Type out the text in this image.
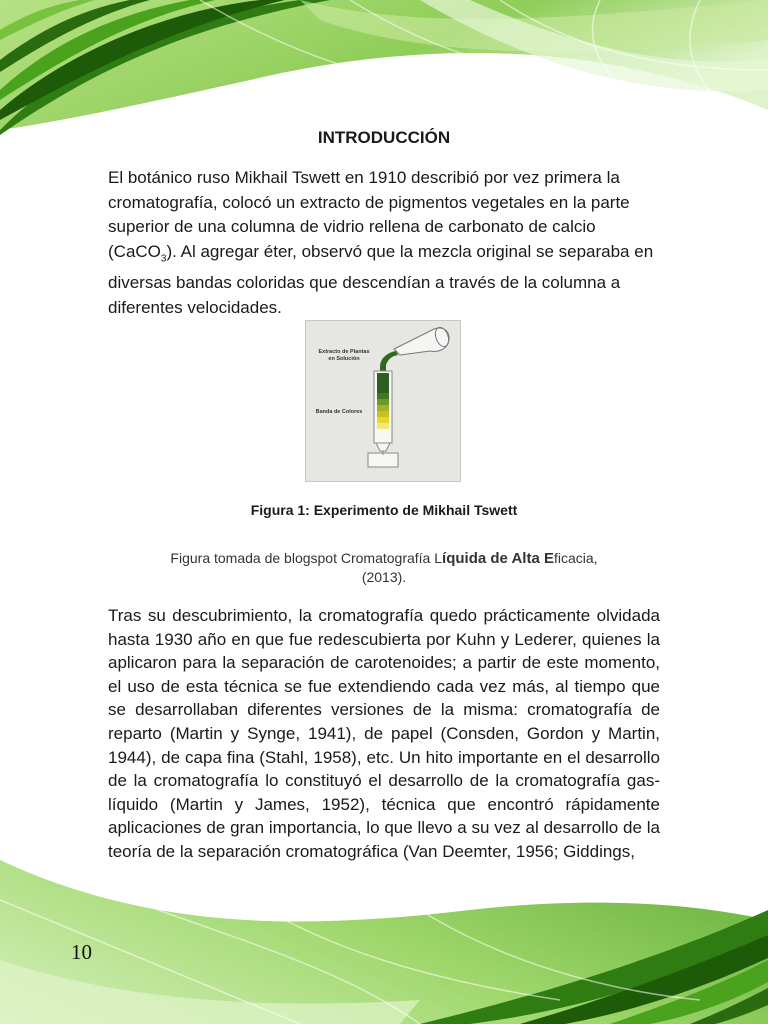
INTRODUCCIÓN

El botánico ruso Mikhail Tswett en 1910 describió por vez primera la cromatografía, colocó un extracto de pigmentos vegetales en la parte superior de una columna de vidrio rellena de carbonato de calcio (CaCO$_3$). Al agregar éter, observó que la mezcla original se separaba en diversas bandas coloridas que descendían a través de la columna a diferentes velocidades.

Extracto de Plantas en Solución
Banda de Colores
Figura 1: Experimento de Mikhail Tswett
Figura tomada de blogspot Cromatografía Líquida de Alta Eficacia,
(2013).

Tras su descubrimiento, la cromatografía quedo prácticamente olvidada hasta 1930 año en que fue redescubierta por Kuhn y Lederer, quienes la aplicaron para la separación de carotenoides; a partir de este momento, el uso de esta técnica se fue extendiendo cada vez más, al tiempo que se desarrollaban diferentes versiones de la misma: cromatografía de reparto (Martin y Synge, 1941), de papel (Consden, Gordon y Martin, 1944), de capa fina (Stahl, 1958), etc. Un hito importante en el desarrollo de la cromatografía lo constituyó el desarrollo de la cromatografía gas-líquido (Martin y James, 1952), técnica que encontró rápidamente aplicaciones de gran importancia, lo que llevo a su vez al desarrollo de la teoría de la separación cromatográfica (Van Deemter, 1956; Giddings,

10
